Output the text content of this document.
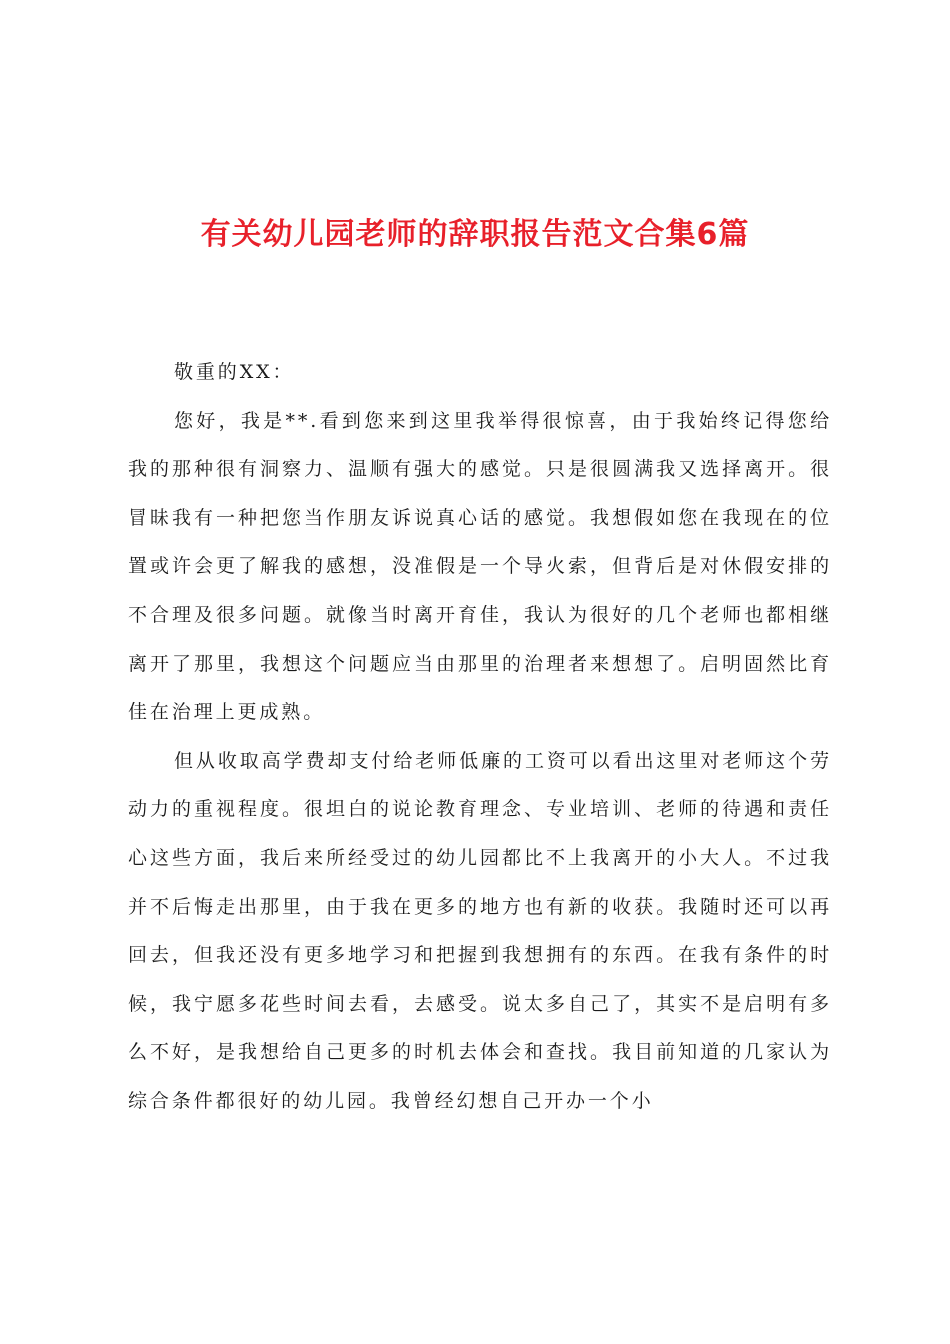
有关幼儿园老师的辞职报告范文合集6篇

敬重的XX：

您好，我是**.看到您来到这里我举得很惊喜，由于我始终记得您给我的那种很有洞察力、温顺有强大的感觉。只是很圆满我又选择离开。很冒昧我有一种把您当作朋友诉说真心话的感觉。我想假如您在我现在的位置或许会更了解我的感想，没准假是一个导火索，但背后是对休假安排的不合理及很多问题。就像当时离开育佳，我认为很好的几个老师也都相继离开了那里，我想这个问题应当由那里的治理者来想想了。启明固然比育佳在治理上更成熟。

但从收取高学费却支付给老师低廉的工资可以看出这里对老师这个劳动力的重视程度。很坦白的说论教育理念、专业培训、老师的待遇和责任心这些方面，我后来所经受过的幼儿园都比不上我离开的小大人。不过我并不后悔走出那里，由于我在更多的地方也有新的收获。我随时还可以再回去，但我还没有更多地学习和把握到我想拥有的东西。在我有条件的时候，我宁愿多花些时间去看，去感受。说太多自己了，其实不是启明有多么不好，是我想给自己更多的时机去体会和查找。我目前知道的几家认为综合条件都很好的幼儿园。我曾经幻想自己开办一个小
